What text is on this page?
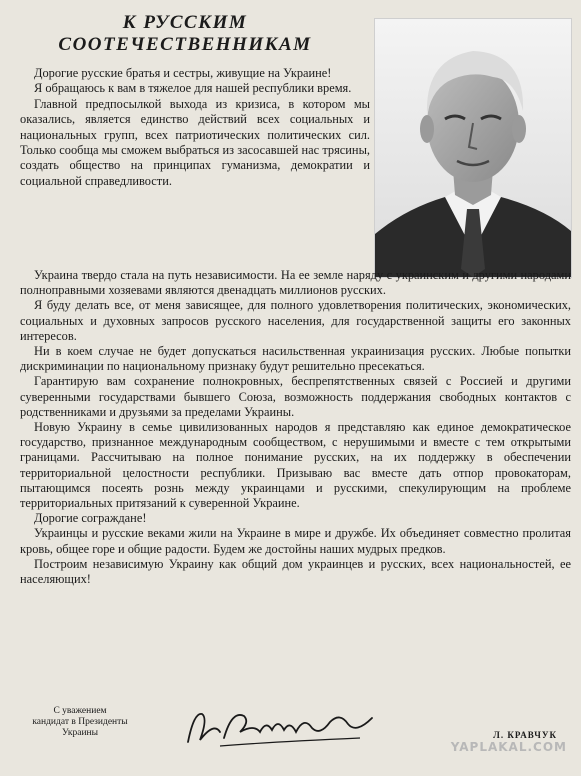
К РУССКИМ
СООТЕЧЕСТВЕННИКАМ

Дорогие русские братья и сестры, живущие на Украине!

Я обращаюсь к вам в тяжелое для нашей республики время.

Главной предпосылкой выхода из кризиса, в котором мы оказались, является единство действий всех социальных и национальных групп, всех патриотических политических сил. Только сообща мы сможем выбраться из засосавшей нас трясины, создать общество на принципах гуманизма, демократии и социальной справедливости.

Украина твердо стала на путь независимости. На ее земле наряду с украинским и другими народами полноправными хозяевами являются двенадцать миллионов русских.

Я буду делать все, от меня зависящее, для полного удовлетворения политических, экономических, социальных и духовных запросов русского населения, для государственной защиты его законных интересов.

Ни в коем случае не будет допускаться насильственная украинизация русских. Любые попытки дискриминации по национальному признаку будут решительно пресекаться.

Гарантирую вам сохранение полнокровных, беспрепятственных связей с Россией и другими суверенными государствами бывшего Союза, возможность поддержания свободных контактов с родственниками и друзьями за пределами Украины.

Новую Украину в семье цивилизованных народов я представляю как единое демократическое государство, признанное международным сообществом, с нерушимыми и вместе с тем открытыми границами. Рассчитываю на полное понимание русских, на их поддержку в обеспечении территориальной целостности республики. Призываю вас вместе дать отпор провокаторам, пытающимся посеять рознь между украинцами и русскими, спекулирующим на проблеме территориальных притязаний к суверенной Украине.

Дорогие сограждане!

Украинцы и русские веками жили на Украине в мире и дружбе. Их объединяет совместно пролитая кровь, общее горе и общие радости. Будем же достойны наших мудрых предков.

Построим независимую Украину как общий дом украинцев и русских, всех национальностей, ее населяющих!

С уважением
кандидат в Президенты
Украины	Л. КРАВЧУК
YAPLAKAL.COM
